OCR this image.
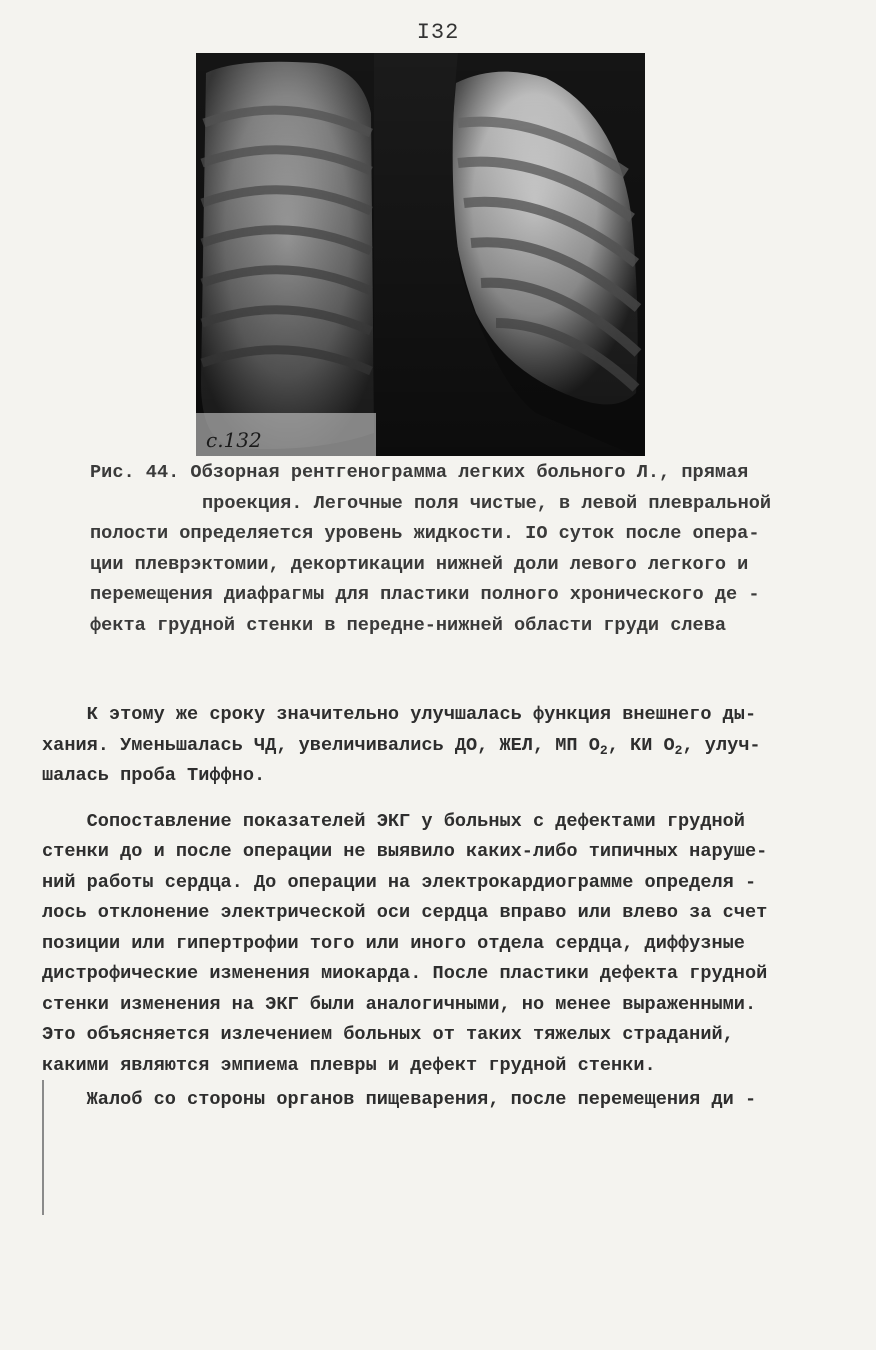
I32
с.132
Рис. 44. Обзорная рентгенограмма легких больного Л., прямая
проекция. Легочные поля чистые, в левой плевральной
полости определяется уровень жидкости. IO суток после опера-
ции плеврэктомии, декортикации нижней доли левого легкого и
перемещения диафрагмы для пластики полного хронического де -
фекта грудной стенки в передне-нижней области груди слева
К этому же сроку значительно улучшалась функция внешнего ды-
хания. Уменьшалась ЧД, увеличивались ДО, ЖЕЛ, МП $О_2$, КИ $О_2$, улуч-
шалась проба Тиффно.
Сопоставление показателей ЭКГ у больных с дефектами грудной
стенки до и после операции не выявило каких-либо типичных наруше-
ний работы сердца. До операции на электрокардиограмме определя -
лось отклонение электрической оси сердца вправо или влево за счет
позиции или гипертрофии того или иного отдела сердца, диффузные
дистрофические изменения миокарда. После пластики дефекта грудной
стенки изменения на ЭКГ были аналогичными, но менее выраженными.
Это объясняется излечением больных от таких тяжелых страданий,
какими являются эмпиема плевры и дефект грудной стенки.
Жалоб со стороны органов пищеварения, после перемещения ди -
